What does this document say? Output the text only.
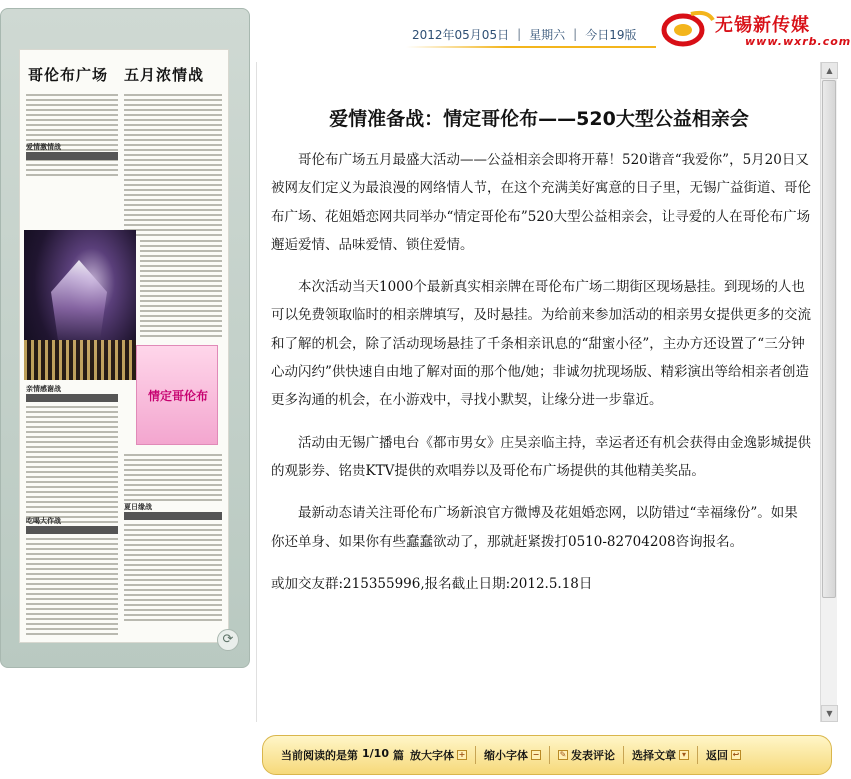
哥伦布广场　五月浓情战
爱情激情战
情定哥伦布
亲情感谢战
夏日缘战
吃喝大作战
⟳
2012年05月05日 | 星期六 | 今日19版	无锡新传媒
www.wxrb.com
爱情准备战：情定哥伦布——520大型公益相亲会

哥伦布广场五月最盛大活动——公益相亲会即将开幕！520谐音“我爱你”，5月20日又被网友们定义为最浪漫的网络情人节，在这个充满美好寓意的日子里，无锡广益街道、哥伦布广场、花姐婚恋网共同举办“情定哥伦布”520大型公益相亲会，让寻爱的人在哥伦布广场邂逅爱情、品味爱情、锁住爱情。

本次活动当天1000个最新真实相亲牌在哥伦布广场二期街区现场悬挂。到现场的人也可以免费领取临时的相亲牌填写，及时悬挂。为给前来参加活动的相亲男女提供更多的交流和了解的机会，除了活动现场悬挂了千条相亲讯息的“甜蜜小径”，主办方还设置了“三分钟心动闪约”供快速自由地了解对面的那个他/她；非诚勿扰现场版、精彩演出等给相亲者创造更多沟通的机会，在小游戏中，寻找小默契，让缘分进一步靠近。

活动由无锡广播电台《都市男女》庄昊亲临主持，幸运者还有机会获得由金逸影城提供的观影券、铭贵KTV提供的欢唱券以及哥伦布广场提供的其他精美奖品。

最新动态请关注哥伦布广场新浪官方微博及花姐婚恋网，以防错过“幸福缘份”。如果你还单身、如果你有些蠢蠢欲动了，那就赶紧拨打0510-82704208咨询报名。

或加交友群:215355996,报名截止日期:2012.5.18日

▲
▼
当前阅读的是第 1/10 篇 放大字体 + 缩小字体 −	✎ 发表评论 选择文章 ▾ 返回 ↩
